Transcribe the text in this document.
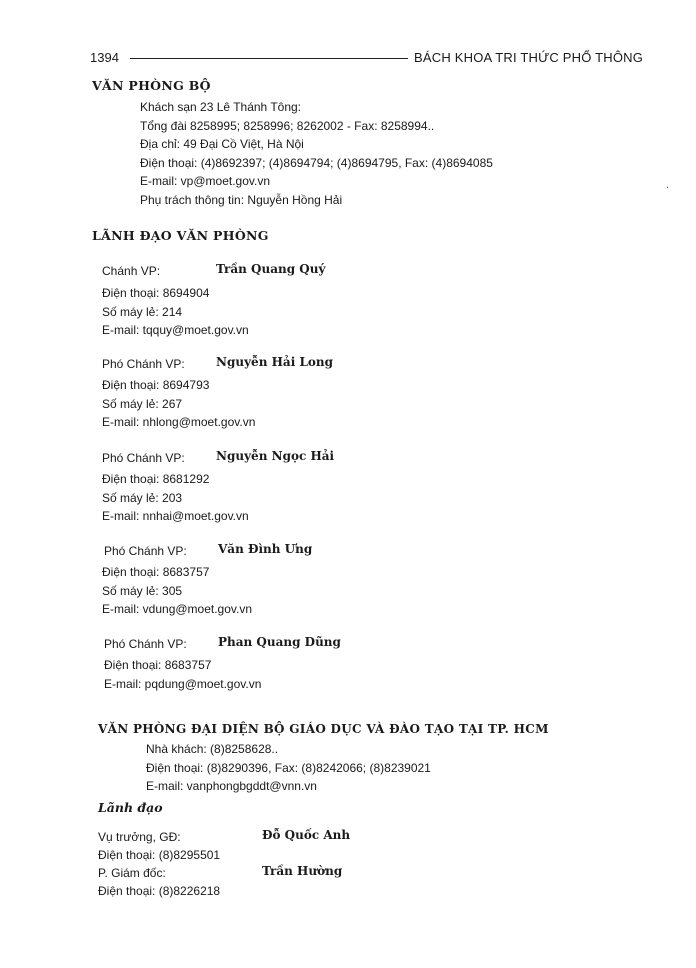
1394	BÁCH KHOA TRI THỨC PHỔ THÔNG
VĂN PHÒNG BỘ
Khách sạn 23 Lê Thánh Tông:
Tổng đài 8258995; 8258996; 8262002 - Fax: 8258994..
Địa chỉ: 49 Đại Cồ Việt, Hà Nội
Điện thoại: (4)8692397; (4)8694794; (4)8694795, Fax: (4)8694085
E-mail: vp@moet.gov.vn
Phụ trách thông tin: Nguyễn Hồng Hải
·
LÃNH ĐẠO VĂN PHÒNG
Chánh VP:	Trần Quang Quý
Điện thoại: 8694904
Số máy lẻ: 214
E-mail: tqquy@moet.gov.vn
Phó Chánh VP:	Nguyễn Hải Long
Điện thoại: 8694793
Số máy lẻ: 267
E-mail: nhlong@moet.gov.vn
Phó Chánh VP:	Nguyễn Ngọc Hải
Điện thoại: 8681292
Số máy lẻ: 203
E-mail: nnhai@moet.gov.vn
Phó Chánh VP:	Văn Đình Ưng
Điện thoại: 8683757
Số máy lẻ: 305
E-mail: vdung@moet.gov.vn
Phó Chánh VP:	Phan Quang Dũng
Điện thoại: 8683757
E-mail: pqdung@moet.gov.vn
VĂN PHÒNG ĐẠI DIỆN BỘ GIÁO DỤC VÀ ĐÀO TẠO TẠI TP. HCM
Nhà khách: (8)8258628..
Điện thoại: (8)8290396, Fax: (8)8242066; (8)8239021
E-mail: vanphongbgddt@vnn.vn
Lãnh đạo
Vụ trưởng, GĐ:	Đỗ Quốc Anh
Điện thoại: (8)8295501
P. Giám đốc:	Trần Hường
Điện thoại: (8)8226218
